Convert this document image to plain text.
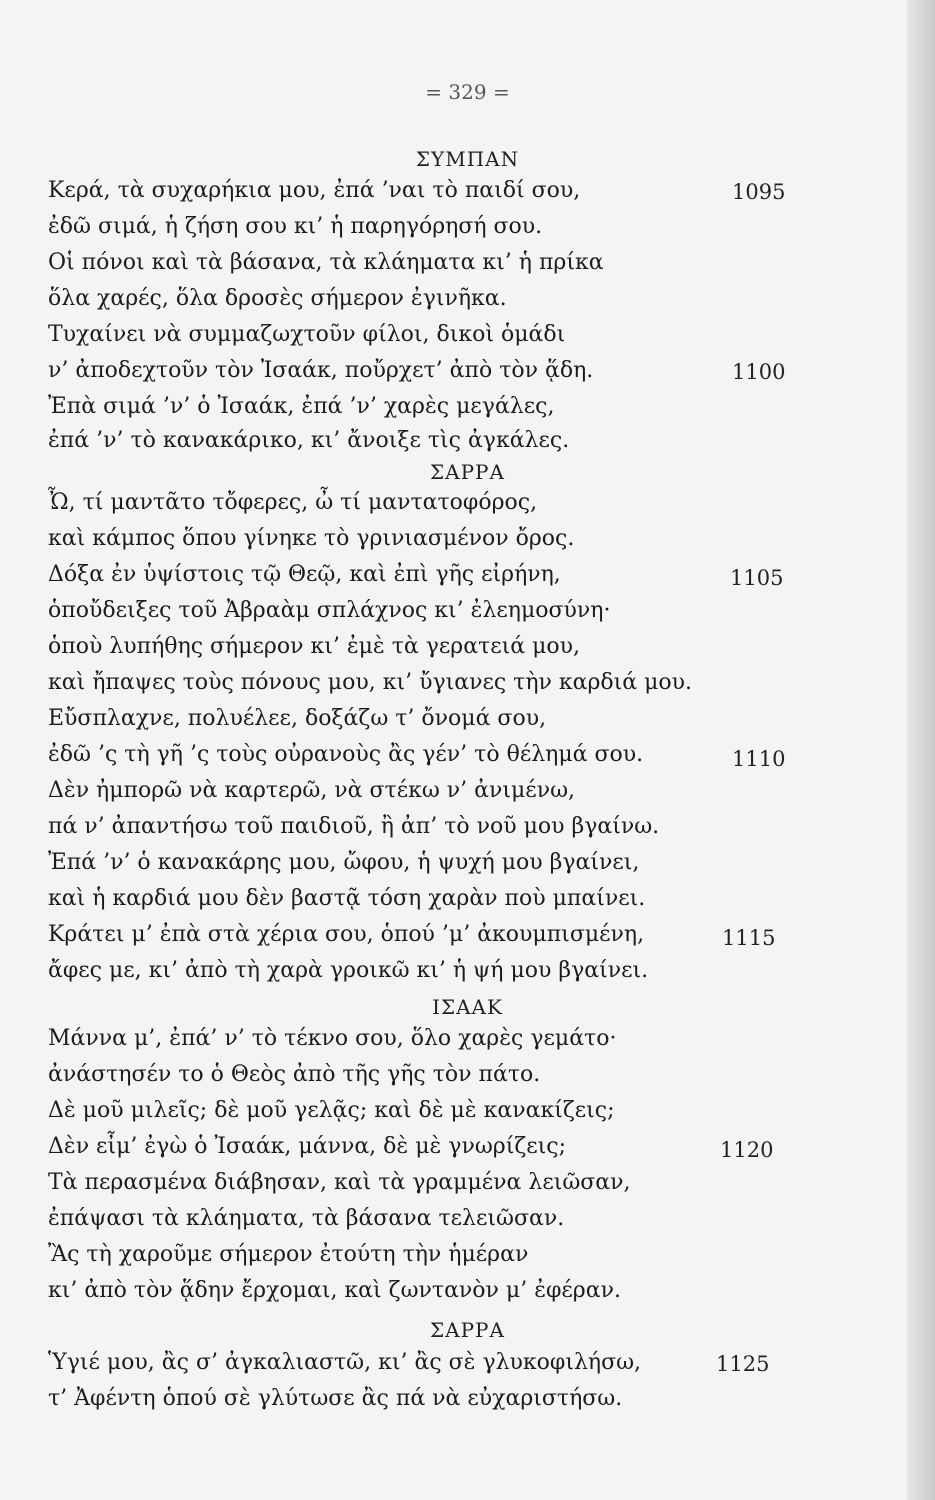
= 329 =
ΣΥΜΠΑΝ
Κερά, τὰ συχαρήκια μου, ἐπά ’ναι τὸ παιδί σου,	1095
ἐδῶ σιμά, ἡ ζήση σου κι’ ἡ παρηγόρησή σου.
Οἱ πόνοι καὶ τὰ βάσανα, τὰ κλάηματα κι’ ἡ πρίκα
ὅλα χαρές, ὅλα δροσὲς σήμερον ἐγινῆκα.
Τυχαίνει νὰ συμμαζωχτοῦν φίλοι, δικοὶ ὁμάδι
ν’ ἀποδεχτοῦν τὸν Ἰσαάκ, ποὔρχετ’ ἀπὸ τὸν ᾅδη.	1100
Ἐπὰ σιμά ’ν’ ὁ Ἰσαάκ, ἐπά ’ν’ χαρὲς μεγάλες,
ἐπά ’ν’ τὸ κανακάρικο, κι’ ἄνοιξε τὶς ἀγκάλες.
ΣΑΡΡΑ
Ὦ, τί μαντᾶτο τὄφερες, ὦ τί μαντατοφόρος,
καὶ κάμπος ὅπου γίνηκε τὸ γρινιασμένον ὄρος.
Δόξα ἐν ὑψίστοις τῷ Θεῷ, καὶ ἐπὶ γῆς εἰρήνη,	1105
ὁποὔδειξες τοῦ Ἀβραὰμ σπλάχνος κι’ ἐλεημοσύνη·
ὁποὺ λυπήθης σήμερον κι’ ἐμὲ τὰ γερατειά μου,
καὶ ἤπαψες τοὺς πόνους μου, κι’ ὔγιανες τὴν καρδιά μου.
Εὔσπλαχνε, πολυέλεε, δοξάζω τ’ ὄνομά σου,
ἐδῶ ’ς τὴ γῆ ’ς τοὺς οὐρανοὺς ἂς γέν’ τὸ θέλημά σου.	1110
Δὲν ἠμπορῶ νὰ καρτερῶ, νὰ στέκω ν’ ἀνιμένω,
πά ν’ ἀπαντήσω τοῦ παιδιοῦ, ἢ ἀπ’ τὸ νοῦ μου βγαίνω.
Ἐπά ’ν’ ὁ κανακάρης μου, ὤφου, ἡ ψυχή μου βγαίνει,
καὶ ἡ καρδιά μου δὲν βαστᾷ τόση χαρὰν ποὺ μπαίνει.
Κράτει μ’ ἐπὰ στὰ χέρια σου, ὁπού ’μ’ ἀκουμπισμένη,	1115
ἄφες με, κι’ ἀπὸ τὴ χαρὰ γροικῶ κι’ ἡ ψή μου βγαίνει.
ΙΣΑΑΚ
Μάννα μ’, ἐπά’ ν’ τὸ τέκνο σου, ὅλο χαρὲς γεμάτο·
ἀνάστησέν το ὁ Θεὸς ἀπὸ τῆς γῆς τὸν πάτο.
Δὲ μοῦ μιλεῖς; δὲ μοῦ γελᾷς; καὶ δὲ μὲ κανακίζεις;
Δὲν εἶμ’ ἐγὼ ὁ Ἰσαάκ, μάννα, δὲ μὲ γνωρίζεις;	1120
Τὰ περασμένα διάβησαν, καὶ τὰ γραμμένα λειῶσαν,
ἐπάψασι τὰ κλάηματα, τὰ βάσανα τελειῶσαν.
Ἂς τὴ χαροῦμε σήμερον ἐτούτη τὴν ἡμέραν
κι’ ἀπὸ τὸν ᾅδην ἔρχομαι, καὶ ζωντανὸν μ’ ἐφέραν.
ΣΑΡΡΑ
Ὑγιέ μου, ἂς σ’ ἀγκαλιαστῶ, κι’ ἂς σὲ γλυκοφιλήσω,	1125
τ’ Ἀφέντη ὁπού σὲ γλύτωσε ἂς πά νὰ εὐχαριστήσω.
